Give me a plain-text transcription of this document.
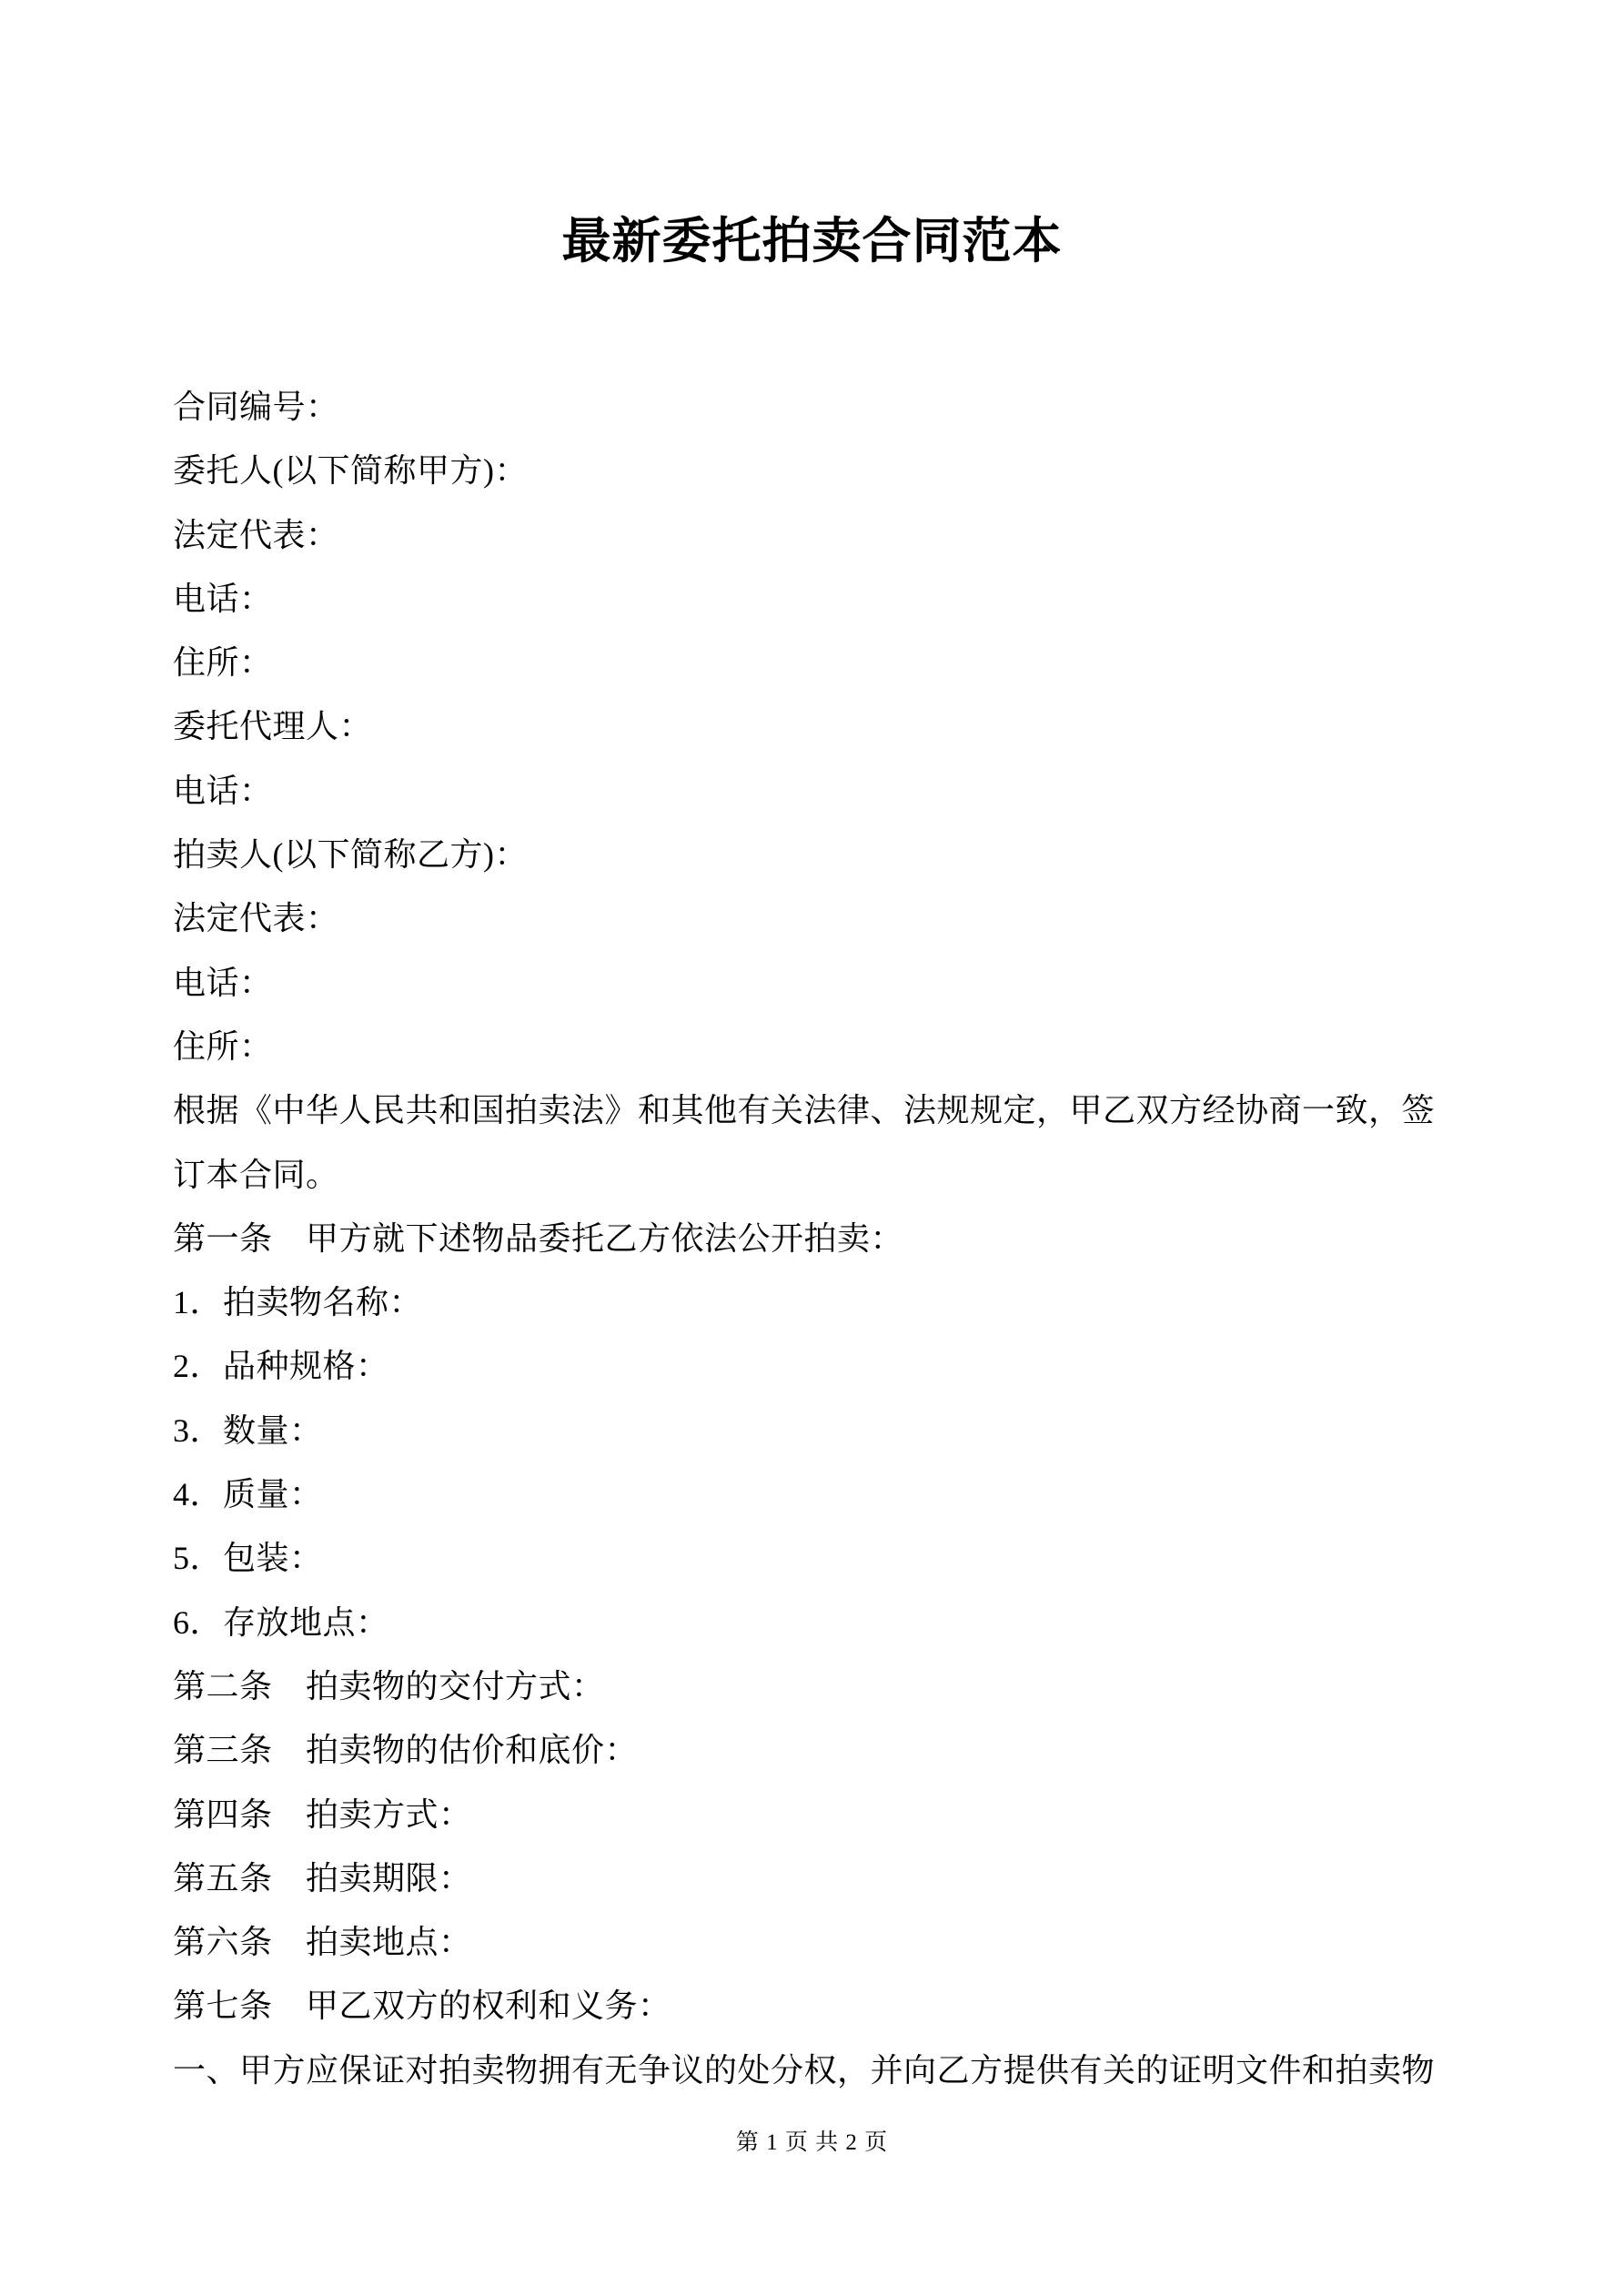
最新委托拍卖合同范本
合同编号：
委托人(以下简称甲方)：
法定代表：
电话：
住所：
委托代理人：
电话：
拍卖人(以下简称乙方)：
法定代表：
电话：
住所：
根据《中华人民共和国拍卖法》和其他有关法律、法规规定，甲乙双方经协商一致，签
订本合同。
第一条　甲方就下述物品委托乙方依法公开拍卖：
1．拍卖物名称：
2．品种规格：
3．数量：
4．质量：
5．包装：
6．存放地点：
第二条　拍卖物的交付方式：
第三条　拍卖物的估价和底价：
第四条　拍卖方式：
第五条　拍卖期限：
第六条　拍卖地点：
第七条　甲乙双方的权利和义务：
一、甲方应保证对拍卖物拥有无争议的处分权，并向乙方提供有关的证明文件和拍卖物
第 1 页 共 2 页
